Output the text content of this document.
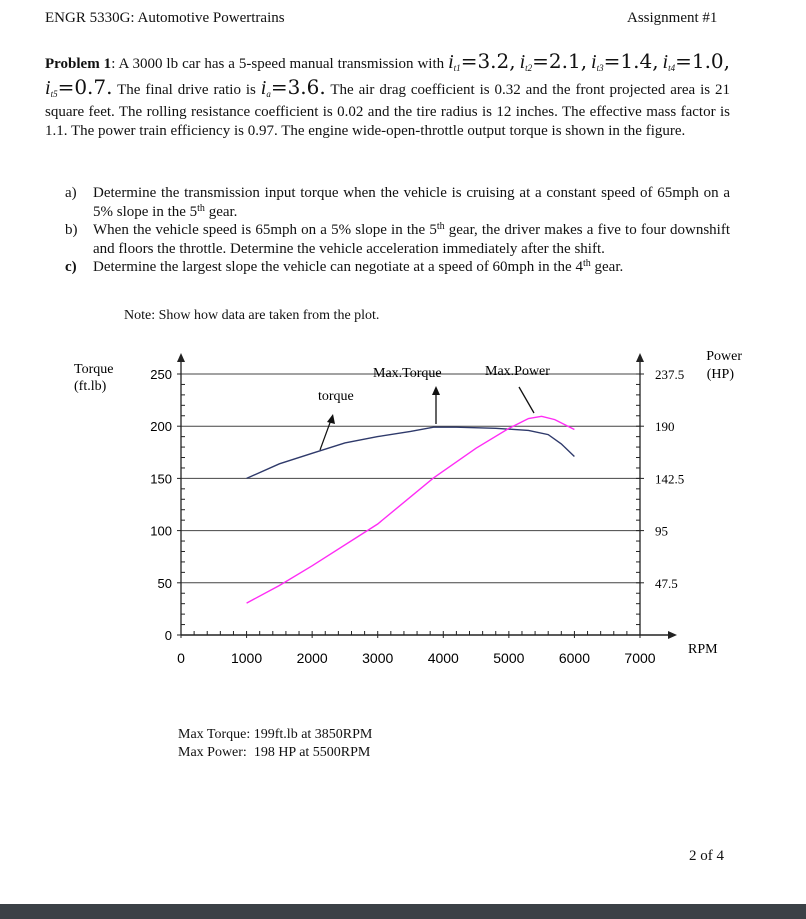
ENGR 5330G: Automotive Powertrains	Assignment #1

Problem 1: A 3000 lb car has a 5-speed manual transmission with $i_{t1}=3.2$, $i_{t2}=2.1$, $i_{t3}=1.4$, $i_{t4}=1.0$, $i_{t5}=0.7$. The final drive ratio is $i_a=3.6$. The air drag coefficient is 0.32 and the front projected area is 21 square feet. The rolling resistance coefficient is 0.02 and the tire radius is 12 inches. The effective mass factor is 1.1. The power train efficiency is 0.97. The engine wide-open-throttle output torque is shown in the figure.

a) Determine the transmission input torque when the vehicle is cruising at a constant speed of 65mph on a 5% slope in the 5th gear.
b) When the vehicle speed is 65mph on a 5% slope in the 5th gear, the driver makes a five to four downshift and floors the throttle. Determine the vehicle acceleration immediately after the shift.
c) Determine the largest slope the vehicle can negotiate at a speed of 60mph in the 4th gear.
Note: Show how data are taken from the plot.
0
50
100
150
200
250	237.5
190
142.5
95
47.5
0	1000 2000 3000 4000 5000 6000 7000
Torque
(ft.lb)
Power
(HP)
RPM
Max.Torque	Max.Power
torque
Max Torque: 199ft.lb at 3850RPM
Max Power:  198 HP at 5500RPM
2 of 4
